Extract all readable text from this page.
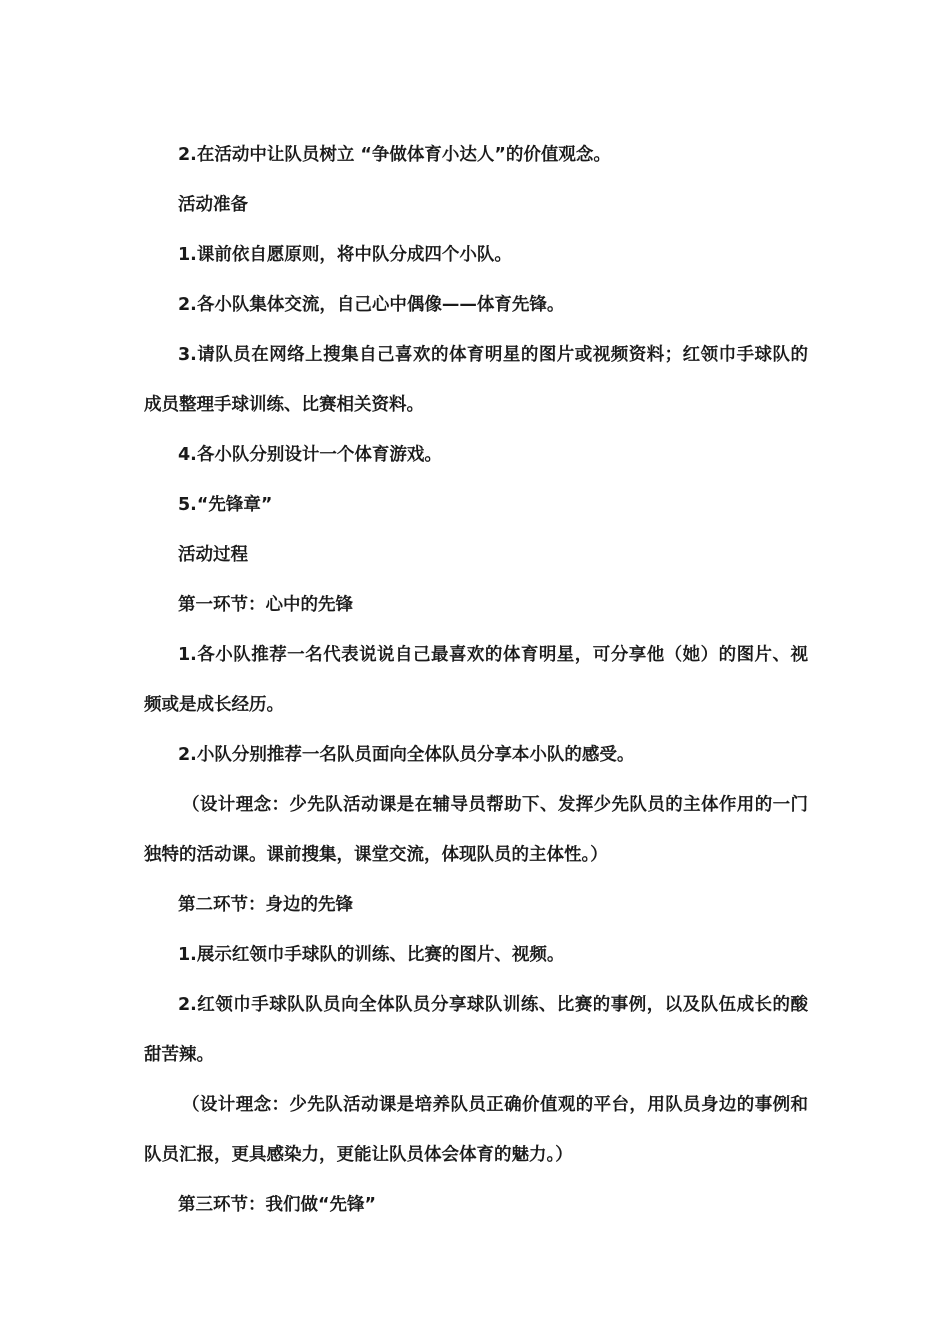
2.在活动中让队员树立 “争做体育小达人”的价值观念。

活动准备

1.课前依自愿原则，将中队分成四个小队。

2.各小队集体交流，自己心中偶像——体育先锋。

3.请队员在网络上搜集自己喜欢的体育明星的图片或视频资料；红领巾手球队的成员整理手球训练、比赛相关资料。

4.各小队分别设计一个体育游戏。

5.“先锋章”

活动过程

第一环节：心中的先锋

1.各小队推荐一名代表说说自己最喜欢的体育明星，可分享他（她）的图片、视频或是成长经历。

2.小队分别推荐一名队员面向全体队员分享本小队的感受。

（设计理念：少先队活动课是在辅导员帮助下、发挥少先队员的主体作用的一门独特的活动课。课前搜集，课堂交流，体现队员的主体性。）

第二环节：身边的先锋

1.展示红领巾手球队的训练、比赛的图片、视频。

2.红领巾手球队队员向全体队员分享球队训练、比赛的事例，以及队伍成长的酸甜苦辣。

（设计理念：少先队活动课是培养队员正确价值观的平台，用队员身边的事例和队员汇报，更具感染力，更能让队员体会体育的魅力。）

第三环节：我们做“先锋”
